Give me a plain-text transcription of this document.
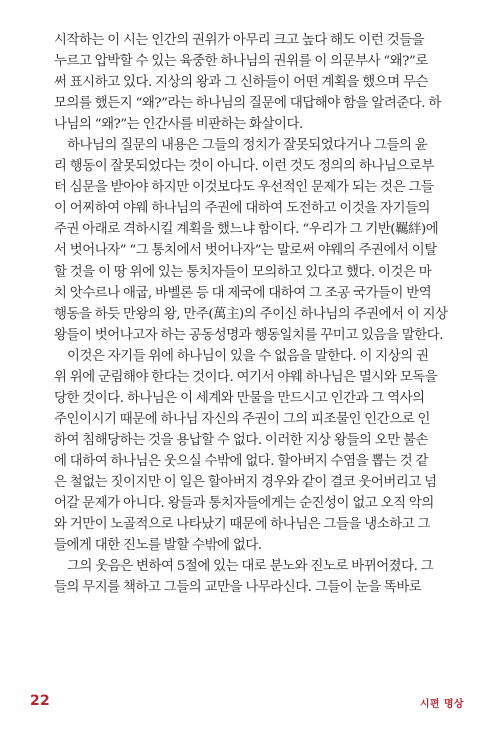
시작하는 이 시는 인간의 권위가 아무리 크고 높다 해도 이런 것들을
누르고 압박할 수 있는 육중한 하나님의 권위를 이 의문부사 “왜?”로
써 표시하고 있다. 지상의 왕과 그 신하들이 어떤 계획을 했으며 무슨
모의를 했든지 “왜?”라는 하나님의 질문에 대답해야 함을 알려준다. 하
나님의 “왜?”는 인간사를 비판하는 화살이다.
하나님의 질문의 내용은 그들의 정치가 잘못되었다거나 그들의 윤
리 행동이 잘못되었다는 것이 아니다. 이런 것도 정의의 하나님으로부
터 심문을 받아야 하지만 이것보다도 우선적인 문제가 되는 것은 그들
이 어찌하여 야웨 하나님의 주권에 대하여 도전하고 이것을 자기들의
주권 아래로 격하시킬 계획을 했느냐 함이다. “우리가 그 기반(羈絆)에
서 벗어나자” “그 통치에서 벗어나자”는 말로써 야웨의 주권에서 이탈
할 것을 이 땅 위에 있는 통치자들이 모의하고 있다고 했다. 이것은 마
치 앗수르나 애굽, 바벨론 등 대 제국에 대하여 그 조공 국가들이 반역
행동을 하듯 만왕의 왕, 만주(萬主)의 주이신 하나님의 주권에서 이 지상
왕들이 벗어나고자 하는 공동성명과 행동일치를 꾸미고 있음을 말한다.
이것은 자기들 위에 하나님이 있을 수 없음을 말한다. 이 지상의 권
위 위에 군림해야 한다는 것이다. 여기서 야웨 하나님은 멸시와 모독을
당한 것이다. 하나님은 이 세계와 만물을 만드시고 인간과 그 역사의
주인이시기 때문에 하나님 자신의 주권이 그의 피조물인 인간으로 인
하여 침해당하는 것을 용납할 수 없다. 이러한 지상 왕들의 오만 불손
에 대하여 하나님은 웃으실 수밖에 없다. 할아버지 수염을 뽑는 것 같
은 철없는 짓이지만 이 일은 할아버지 경우와 같이 결코 웃어버리고 넘
어갈 문제가 아니다. 왕들과 통치자들에게는 순진성이 없고 오직 악의
와 거만이 노골적으로 나타났기 때문에 하나님은 그들을 냉소하고 그
들에게 대한 진노를 발할 수밖에 없다.
그의 웃음은 변하여 5절에 있는 대로 분노와 진노로 바뀌어졌다. 그
들의 무지를 책하고 그들의 교만을 나무라신다. 그들이 눈을 똑바로
22	시편 명상
